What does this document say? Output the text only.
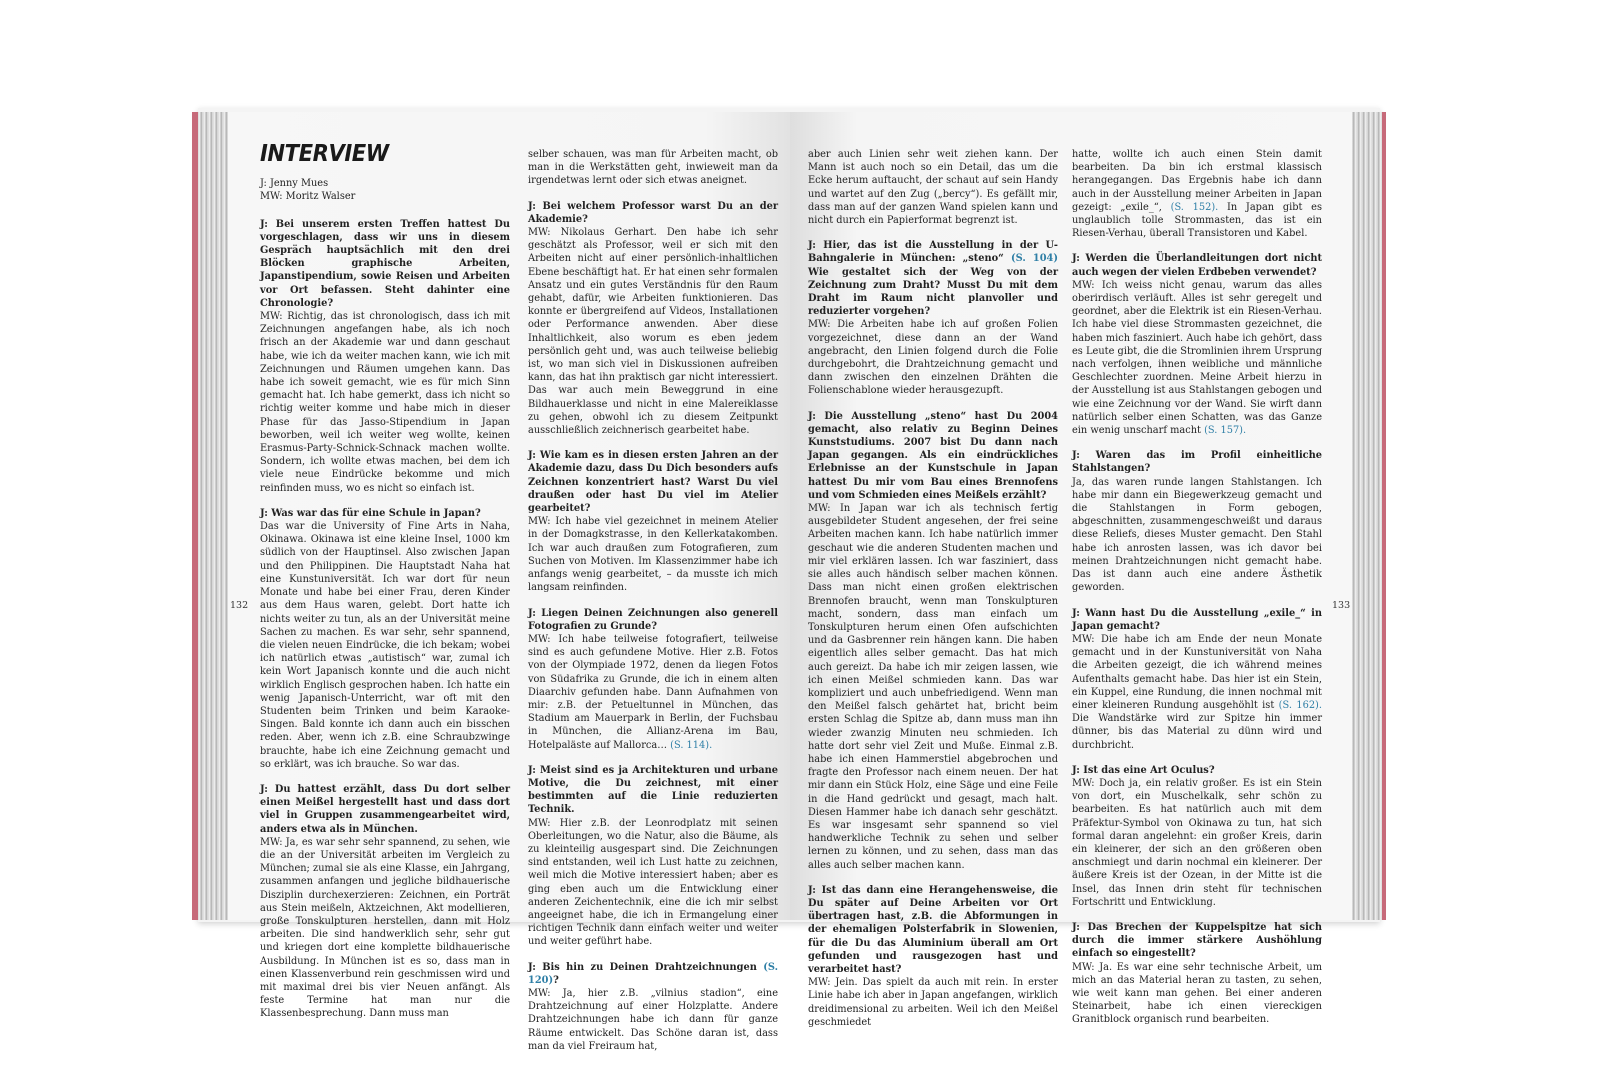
INTERVIEW

J: Jenny Mues
MW: Moritz Walser

J: Bei unserem ersten Treffen hattest Du vorgeschlagen, dass wir uns in diesem Gespräch hauptsächlich mit den drei Blöcken graphische Arbeiten, Japanstipendium, sowie Reisen und Arbeiten vor Ort befassen. Steht dahinter eine Chronologie?
MW: Richtig, das ist chronologisch, dass ich mit Zeichnungen angefangen habe, als ich noch frisch an der Akademie war und dann geschaut habe, wie ich da weiter machen kann, wie ich mit Zeichnungen und Räumen umgehen kann. Das habe ich soweit gemacht, wie es für mich Sinn gemacht hat. Ich habe gemerkt, dass ich nicht so richtig weiter komme und habe mich in dieser Phase für das Jasso-Stipendium in Japan beworben, weil ich weiter weg wollte, keinen Erasmus-Party-Schnick-Schnack machen wollte. Sondern, ich wollte etwas machen, bei dem ich viele neue Eindrücke bekomme und mich reinfinden muss, wo es nicht so einfach ist.

J: Was war das für eine Schule in Japan?
Das war die University of Fine Arts in Naha, Okinawa. Okinawa ist eine kleine Insel, 1000 km südlich von der Hauptinsel. Also zwischen Japan und den Philippinen. Die Hauptstadt Naha hat eine Kunstuniversität. Ich war dort für neun Monate und habe bei einer Frau, deren Kinder aus dem Haus waren, gelebt. Dort hatte ich nichts weiter zu tun, als an der Universität meine Sachen zu machen. Es war sehr, sehr spannend, die vielen neuen Eindrücke, die ich bekam; wobei ich natürlich etwas „autistisch“ war, zumal ich kein Wort Japanisch konnte und die auch nicht wirklich Englisch gesprochen haben. Ich hatte ein wenig Japanisch-Unterricht, war oft mit den Studenten beim Trinken und beim Karaoke-Singen. Bald konnte ich dann auch ein bisschen reden. Aber, wenn ich z.B. eine Schraubzwinge brauchte, habe ich eine Zeichnung gemacht und so erklärt, was ich brauche. So war das.

J: Du hattest erzählt, dass Du dort selber einen Meißel hergestellt hast und dass dort viel in Gruppen zusammengearbeitet wird, anders etwa als in München.
MW: Ja, es war sehr sehr spannend, zu sehen, wie die an der Universität arbeiten im Vergleich zu München; zumal sie als eine Klasse, ein Jahrgang, zusammen anfangen und jegliche bildhauerische Disziplin durchexerzieren: Zeichnen, ein Porträt aus Stein meißeln, Aktzeichnen, Akt modellieren, große Tonskulpturen herstellen, dann mit Holz arbeiten. Die sind handwerklich sehr, sehr gut und kriegen dort eine komplette bildhauerische Ausbildung. In München ist es so, dass man in einen Klassenverbund rein geschmissen wird und mit maximal drei bis vier Neuen anfängt. Als feste Termine hat man nur die Klassenbesprechung. Dann muss man

selber schauen, was man für Arbeiten macht, ob man in die Werkstätten geht, inwieweit man da irgendetwas lernt oder sich etwas aneignet.

J: Bei welchem Professor warst Du an der Akademie?
MW: Nikolaus Gerhart. Den habe ich sehr geschätzt als Professor, weil er sich mit den Arbeiten nicht auf einer persönlich-inhaltlichen Ebene beschäftigt hat. Er hat einen sehr formalen Ansatz und ein gutes Verständnis für den Raum gehabt, dafür, wie Arbeiten funktionieren. Das konnte er übergreifend auf Videos, Installationen oder Performance anwenden. Aber diese Inhaltlichkeit, also worum es eben jedem persönlich geht und, was auch teilweise beliebig ist, wo man sich viel in Diskussionen aufreiben kann, das hat ihn praktisch gar nicht interessiert. Das war auch mein Beweggrund in eine Bildhauerklasse und nicht in eine Malereiklasse zu gehen, obwohl ich zu diesem Zeitpunkt ausschließlich zeichnerisch gearbeitet habe.

J: Wie kam es in diesen ersten Jahren an der Akademie dazu, dass Du Dich besonders aufs Zeichnen konzentriert hast? Warst Du viel draußen oder hast Du viel im Atelier gearbeitet?
MW: Ich habe viel gezeichnet in meinem Atelier in der Domagkstrasse, in den Kellerkatakomben. Ich war auch draußen zum Fotografieren, zum Suchen von Motiven. Im Klassenzimmer habe ich anfangs wenig gearbeitet, – da musste ich mich langsam reinfinden.

J: Liegen Deinen Zeichnungen also generell Fotografien zu Grunde?
MW: Ich habe teilweise fotografiert, teilweise sind es auch gefundene Motive. Hier z.B. Fotos von der Olympiade 1972, denen da liegen Fotos von Südafrika zu Grunde, die ich in einem alten Diaarchiv gefunden habe. Dann Aufnahmen von mir: z.B. der Petueltunnel in München, das Stadium am Mauerpark in Berlin, der Fuchsbau in München, die Allianz-Arena im Bau, Hotelpaläste auf Mallorca… (S. 114).

J: Meist sind es ja Architekturen und urbane Motive, die Du zeichnest, mit einer bestimmten auf die Linie reduzierten Technik.
MW: Hier z.B. der Leonrodplatz mit seinen Oberleitungen, wo die Natur, also die Bäume, als zu kleinteilig ausgespart sind. Die Zeichnungen sind entstanden, weil ich Lust hatte zu zeichnen, weil mich die Motive interessiert haben; aber es ging eben auch um die Entwicklung einer anderen Zeichentechnik, eine die ich mir selbst angeeignet habe, die ich in Ermangelung einer richtigen Technik dann einfach weiter und weiter und weiter geführt habe.

J: Bis hin zu Deinen Drahtzeichnungen (S. 120)?
MW: Ja, hier z.B. „vilnius stadion“, eine Drahtzeichnung auf einer Holzplatte. Andere Drahtzeichnungen habe ich dann für ganze Räume entwickelt. Das Schöne daran ist, dass man da viel Freiraum hat,

132

aber auch Linien sehr weit ziehen kann. Der Mann ist auch noch so ein Detail, das um die Ecke herum auftaucht, der schaut auf sein Handy und wartet auf den Zug („bercy“). Es gefällt mir, dass man auf der ganzen Wand spielen kann und nicht durch ein Papierformat begrenzt ist.

J: Hier, das ist die Ausstellung in der U-Bahngalerie in München: „steno“ (S. 104) Wie gestaltet sich der Weg von der Zeichnung zum Draht? Musst Du mit dem Draht im Raum nicht planvoller und reduzierter vorgehen?
MW: Die Arbeiten habe ich auf großen Folien vorgezeichnet, diese dann an der Wand angebracht, den Linien folgend durch die Folie durchgebohrt, die Drahtzeichnung gemacht und dann zwischen den einzelnen Drähten die Folienschablone wieder herausgezupft.

J: Die Ausstellung „steno“ hast Du 2004 gemacht, also relativ zu Beginn Deines Kunststudiums. 2007 bist Du dann nach Japan gegangen. Als ein eindrückliches Erlebnisse an der Kunstschule in Japan hattest Du mir vom Bau eines Brennofens und vom Schmieden eines Meißels erzählt?
MW: In Japan war ich als technisch fertig ausgebildeter Student angesehen, der frei seine Arbeiten machen kann. Ich habe natürlich immer geschaut wie die anderen Studenten machen und mir viel erklären lassen. Ich war fasziniert, dass sie alles auch händisch selber machen können. Dass man nicht einen großen elektrischen Brennofen braucht, wenn man Tonskulpturen macht, sondern, dass man einfach um Tonskulpturen herum einen Ofen aufschichten und da Gasbrenner rein hängen kann. Die haben eigentlich alles selber gemacht. Das hat mich auch gereizt. Da habe ich mir zeigen lassen, wie ich einen Meißel schmieden kann. Das war kompliziert und auch unbefriedigend. Wenn man den Meißel falsch gehärtet hat, bricht beim ersten Schlag die Spitze ab, dann muss man ihn wieder zwanzig Minuten neu schmieden. Ich hatte dort sehr viel Zeit und Muße. Einmal z.B. habe ich einen Hammerstiel abgebrochen und fragte den Professor nach einem neuen. Der hat mir dann ein Stück Holz, eine Säge und eine Feile in die Hand gedrückt und gesagt, mach halt. Diesen Hammer habe ich danach sehr geschätzt. Es war insgesamt sehr spannend so viel handwerkliche Technik zu sehen und selber lernen zu können, und zu sehen, dass man das alles auch selber machen kann.

J: Ist das dann eine Herangehensweise, die Du später auf Deine Arbeiten vor Ort übertragen hast, z.B. die Abformungen in der ehemaligen Polsterfabrik in Slowenien, für die Du das Aluminium überall am Ort gefunden und rausgezogen hast und verarbeitet hast?
MW: Jein. Das spielt da auch mit rein. In erster Linie habe ich aber in Japan angefangen, wirklich dreidimensional zu arbeiten. Weil ich den Meißel geschmiedet

hatte, wollte ich auch einen Stein damit bearbeiten. Da bin ich erstmal klassisch herangegangen. Das Ergebnis habe ich dann auch in der Ausstellung meiner Arbeiten in Japan gezeigt: „exile_“, (S. 152). In Japan gibt es unglaublich tolle Strommasten, das ist ein Riesen-Verhau, überall Transistoren und Kabel.

J: Werden die Überlandleitungen dort nicht auch wegen der vielen Erdbeben verwendet?
MW: Ich weiss nicht genau, warum das alles oberirdisch verläuft. Alles ist sehr geregelt und geordnet, aber die Elektrik ist ein Riesen-Verhau. Ich habe viel diese Strommasten gezeichnet, die haben mich fasziniert. Auch habe ich gehört, dass es Leute gibt, die die Stromlinien ihrem Ursprung nach verfolgen, ihnen weibliche und männliche Geschlechter zuordnen. Meine Arbeit hierzu in der Ausstellung ist aus Stahlstangen gebogen und wie eine Zeichnung vor der Wand. Sie wirft dann natürlich selber einen Schatten, was das Ganze ein wenig unscharf macht (S. 157).

J: Waren das im Profil einheitliche Stahlstangen?
Ja, das waren runde langen Stahlstangen. Ich habe mir dann ein Biegewerkzeug gemacht und die Stahlstangen in Form gebogen, abgeschnitten, zusammengeschweißt und daraus diese Reliefs, dieses Muster gemacht. Den Stahl habe ich anrosten lassen, was ich davor bei meinen Drahtzeichnungen nicht gemacht habe. Das ist dann auch eine andere Ästhetik geworden.

J: Wann hast Du die Ausstellung „exile_“ in Japan gemacht?
MW: Die habe ich am Ende der neun Monate gemacht und in der Kunstuniversität von Naha die Arbeiten gezeigt, die ich während meines Aufenthalts gemacht habe. Das hier ist ein Stein, ein Kuppel, eine Rundung, die innen nochmal mit einer kleineren Rundung ausgehöhlt ist (S. 162). Die Wandstärke wird zur Spitze hin immer dünner, bis das Material zu dünn wird und durchbricht.

J: Ist das eine Art Oculus?
MW: Doch ja, ein relativ großer. Es ist ein Stein von dort, ein Muschelkalk, sehr schön zu bearbeiten. Es hat natürlich auch mit dem Präfektur-Symbol von Okinawa zu tun, hat sich formal daran angelehnt: ein großer Kreis, darin ein kleinerer, der sich an den größeren oben anschmiegt und darin nochmal ein kleinerer. Der äußere Kreis ist der Ozean, in der Mitte ist die Insel, das Innen drin steht für technischen Fortschritt und Entwicklung.

J: Das Brechen der Kuppelspitze hat sich durch die immer stärkere Aushöhlung einfach so eingestellt?
MW: Ja. Es war eine sehr technische Arbeit, um mich an das Material heran zu tasten, zu sehen, wie weit kann man gehen. Bei einer anderen Steinarbeit, habe ich einen viereckigen Granitblock organisch rund bearbeiten.

133
